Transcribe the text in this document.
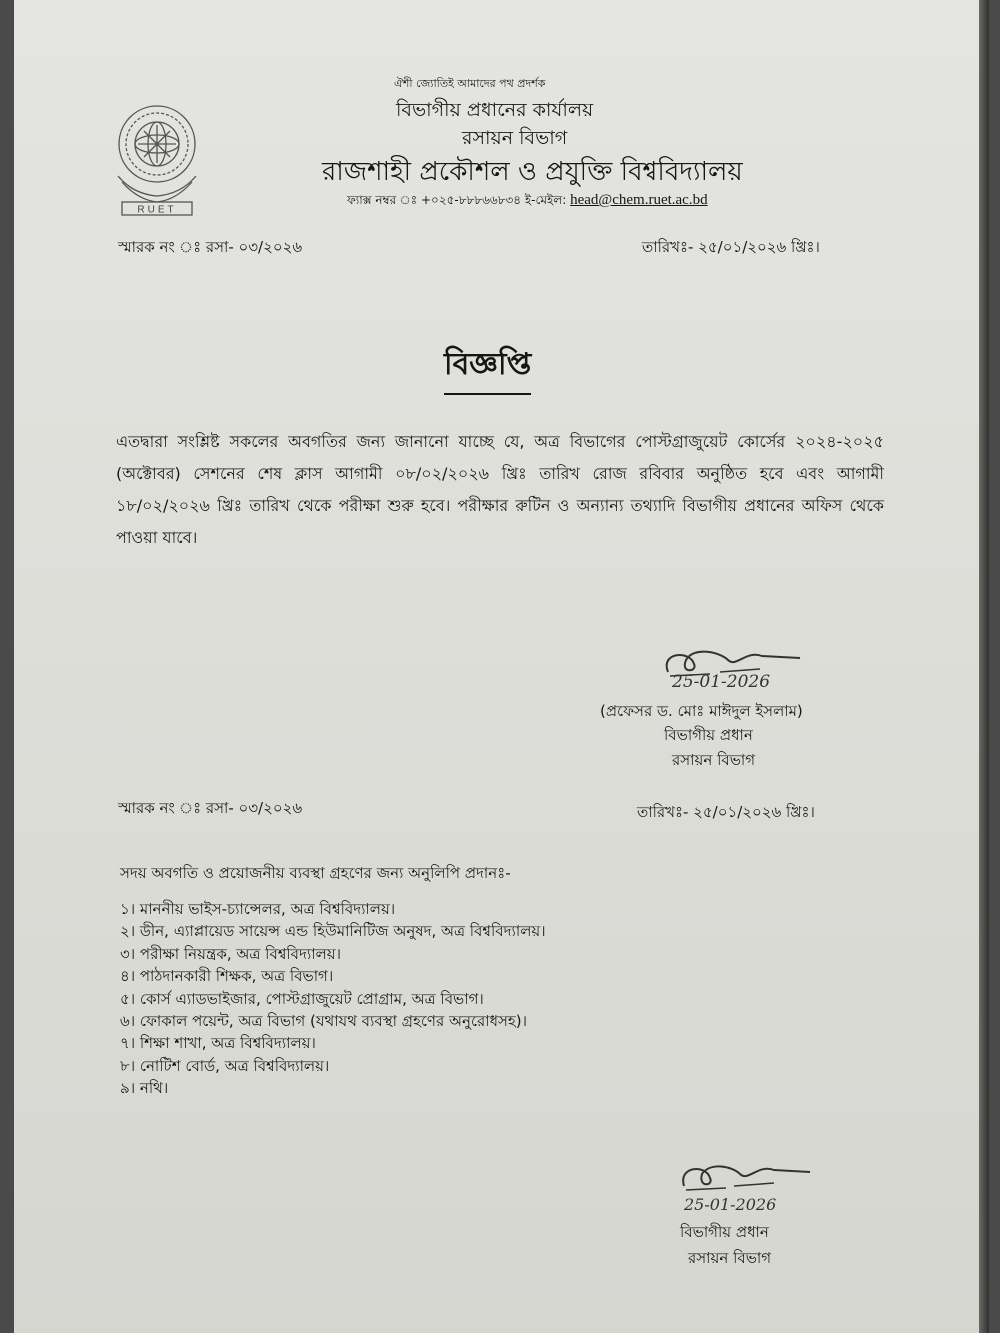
RUET
ঐশী জ্যোতিই আমাদের পথ প্রদর্শক
বিভাগীয় প্রধানের কার্যালয়
রসায়ন বিভাগ
রাজশাহী প্রকৌশল ও প্রযুক্তি বিশ্ববিদ্যালয়
ফ্যাক্স নম্বর ঃ +০২৫-৮৮৮৬৬৮৩৪ ই-মেইল: head@chem.ruet.ac.bd
স্মারক নং ঃ রসা- ০৩/২০২৬	তারিখঃ- ২৫/০১/২০২৬ খ্রিঃ।
বিজ্ঞপ্তি
এতদ্বারা সংশ্লিষ্ট সকলের অবগতির জন্য জানানো যাচ্ছে যে, অত্র বিভাগের পোস্টগ্রাজুয়েট কোর্সের ২০২৪-২০২৫ (অক্টোবর) সেশনের শেষ ক্লাস আগামী ০৮/০২/২০২৬ খ্রিঃ তারিখ রোজ রবিবার অনুষ্ঠিত হবে এবং আগামী ১৮/০২/২০২৬ খ্রিঃ তারিখ থেকে পরীক্ষা শুরু হবে। পরীক্ষার রুটিন ও অন্যান্য তথ্যাদি বিভাগীয় প্রধানের অফিস থেকে পাওয়া যাবে।
25-01-2026
(প্রফেসর ড. মোঃ মাঈদুল ইসলাম)
বিভাগীয় প্রধান
রসায়ন বিভাগ
স্মারক নং ঃ রসা- ০৩/২০২৬	তারিখঃ- ২৫/০১/২০২৬ খ্রিঃ।
সদয় অবগতি ও প্রয়োজনীয় ব্যবস্থা গ্রহণের জন্য অনুলিপি প্রদানঃ-
১। মাননীয় ভাইস-চ্যান্সেলর, অত্র বিশ্ববিদ্যালয়।
২। ডীন, এ্যাপ্লায়েড সায়েন্স এন্ড হিউমানিটিজ অনুষদ, অত্র বিশ্ববিদ্যালয়।
৩। পরীক্ষা নিয়ন্ত্রক, অত্র বিশ্ববিদ্যালয়।
৪। পাঠদানকারী শিক্ষক, অত্র বিভাগ।
৫। কোর্স এ্যাডভাইজার, পোস্টগ্রাজুয়েট প্রোগ্রাম, অত্র বিভাগ।
৬। ফোকাল পয়েন্ট, অত্র বিভাগ (যথাযথ ব্যবস্থা গ্রহণের অনুরোধসহ)।
৭। শিক্ষা শাখা, অত্র বিশ্ববিদ্যালয়।
৮। নোটিশ বোর্ড, অত্র বিশ্ববিদ্যালয়।
৯। নথি।
25-01-2026
বিভাগীয় প্রধান
রসায়ন বিভাগ
